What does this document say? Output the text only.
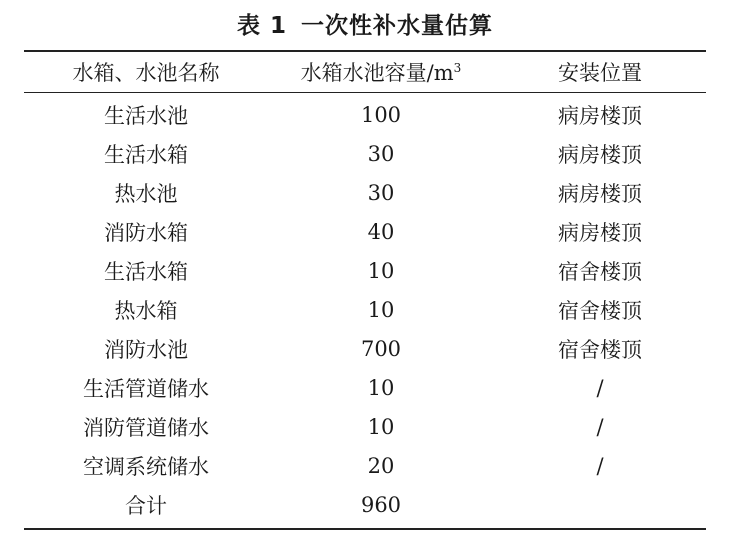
表 1 一次性补水量估算
水箱、水池名称	水箱水池容量$/m^3$	安装位置
生活水池	100	病房楼顶
生活水箱	30	病房楼顶
热水池	30	病房楼顶
消防水箱	40	病房楼顶
生活水箱	10	宿舍楼顶
热水箱	10	宿舍楼顶
消防水池	700	宿舍楼顶
生活管道储水	10	/
消防管道储水	10	/
空调系统储水	20	/
合计	960
